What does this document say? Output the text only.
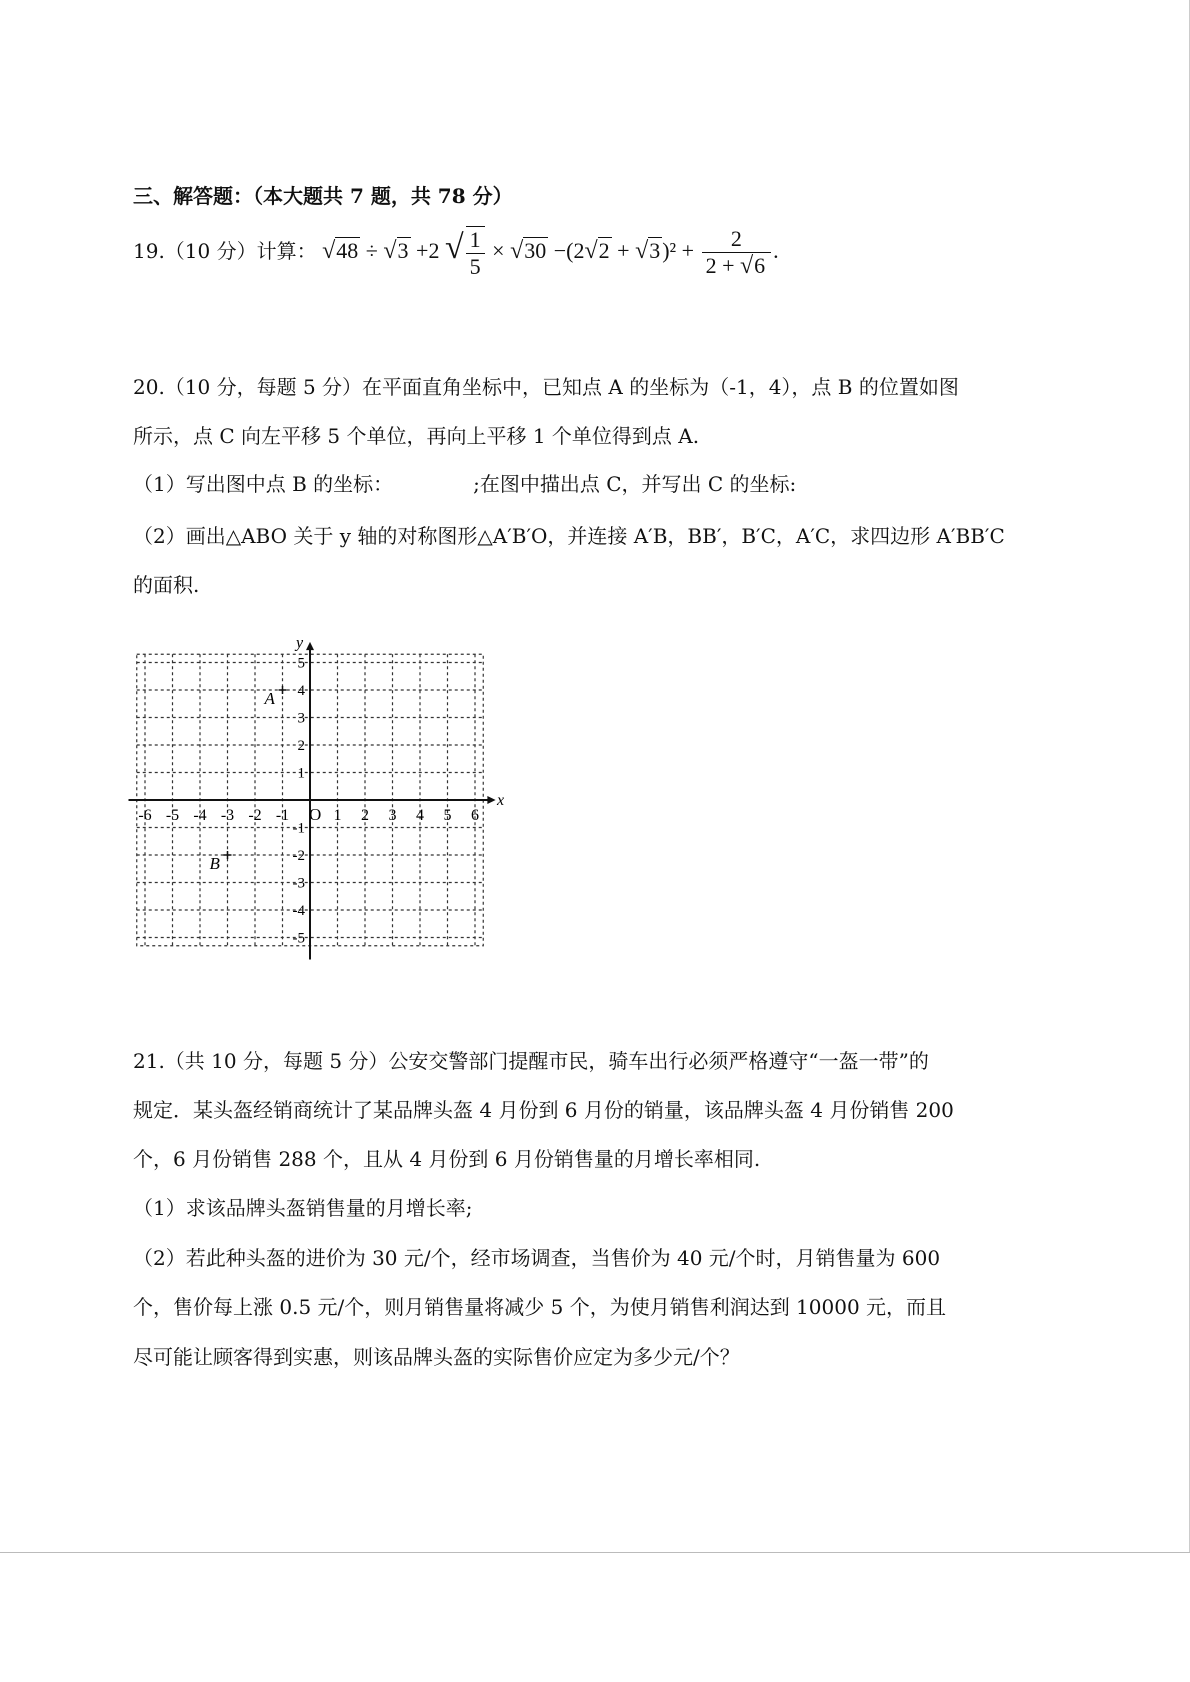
三、解答题：（本大题共 7 题，共 78 分）
19.（10 分）计算： √48 ÷ √3 +2 √ $\frac{1}{5} \times √30 -(2√2 + √3)^2 + \frac{2}{2 + √6}$ .
20.（10 分，每题 5 分）在平面直角坐标中，已知点 A 的坐标为（-1，4），点 B 的位置如图
所示，点 C 向左平移 5 个单位，再向上平移 1 个单位得到点 A.
（1）写出图中点 B 的坐标：	;在图中描出点 C，并写出 C 的坐标:
（2）画出△ABO 关于 y 轴的对称图形△A′B′O，并连接 A′B，BB′，B′C，A′C，求四边形 A′BB′C
的面积.
x
y
O
-6 -5 -4 -3 -2 -1	1 2 3 4 5 6
5
4
3
2
1
-1
-2
-3
-4
-5
A
B
21.（共 10 分，每题 5 分）公安交警部门提醒市民，骑车出行必须严格遵守“一盔一带”的
规定．某头盔经销商统计了某品牌头盔 4 月份到 6 月份的销量，该品牌头盔 4 月份销售 200
个，6 月份销售 288 个，且从 4 月份到 6 月份销售量的月增长率相同.
（1）求该品牌头盔销售量的月增长率;
（2）若此种头盔的进价为 30 元/个，经市场调查，当售价为 40 元/个时，月销售量为 600
个，售价每上涨 0.5 元/个，则月销售量将减少 5 个，为使月销售利润达到 10000 元，而且
尽可能让顾客得到实惠，则该品牌头盔的实际售价应定为多少元/个？
